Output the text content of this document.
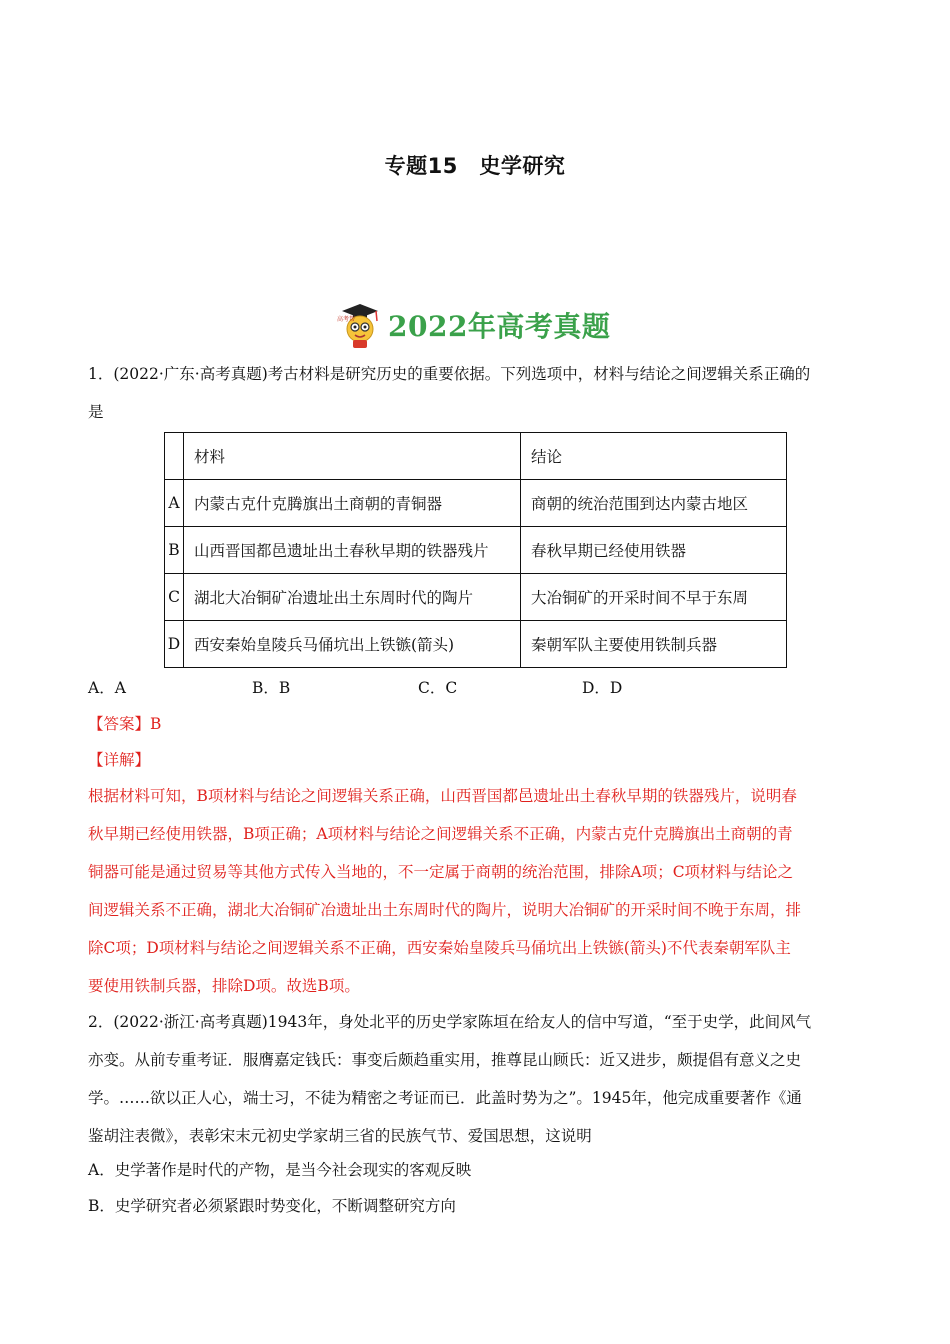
专题15　史学研究
高考帮 2022年高考真题
1．(2022·广东·高考真题)考古材料是研究历史的重要依据。下列选项中，材料与结论之间逻辑关系正确的
是
	材料	结论
A	内蒙古克什克腾旗出土商朝的青铜器	商朝的统治范围到达内蒙古地区
B	山西晋国都邑遗址出土春秋早期的铁器残片	春秋早期已经使用铁器
C	湖北大冶铜矿冶遗址出土东周时代的陶片	大冶铜矿的开采时间不早于东周
D	西安秦始皇陵兵马俑坑出上铁镞(箭头)	秦朝军队主要使用铁制兵器
A．A	B．B	C．C	D．D
【答案】B
【详解】
根据材料可知，B项材料与结论之间逻辑关系正确，山西晋国都邑遗址出土春秋早期的铁器残片，说明春
秋早期已经使用铁器，B项正确；A项材料与结论之间逻辑关系不正确，内蒙古克什克腾旗出土商朝的青
铜器可能是通过贸易等其他方式传入当地的，不一定属于商朝的统治范围，排除A项；C项材料与结论之
间逻辑关系不正确，湖北大冶铜矿冶遗址出土东周时代的陶片，说明大冶铜矿的开采时间不晚于东周，排
除C项；D项材料与结论之间逻辑关系不正确，西安秦始皇陵兵马俑坑出上铁镞(箭头)不代表秦朝军队主
要使用铁制兵器，排除D项。故选B项。
2．(2022·浙江·高考真题)1943年，身处北平的历史学家陈垣在给友人的信中写道，“至于史学，此间风气
亦变。从前专重考证．服膺嘉定钱氏：事变后颇趋重实用，推尊昆山顾氏：近又进步，颇提倡有意义之史
学。……欲以正人心，端士习，不徒为精密之考证而已．此盖时势为之”。1945年，他完成重要著作《通
鉴胡注表微》，表彰宋末元初史学家胡三省的民族气节、爱国思想，这说明
A．史学著作是时代的产物，是当今社会现实的客观反映
B．史学研究者必须紧跟时势变化，不断调整研究方向
